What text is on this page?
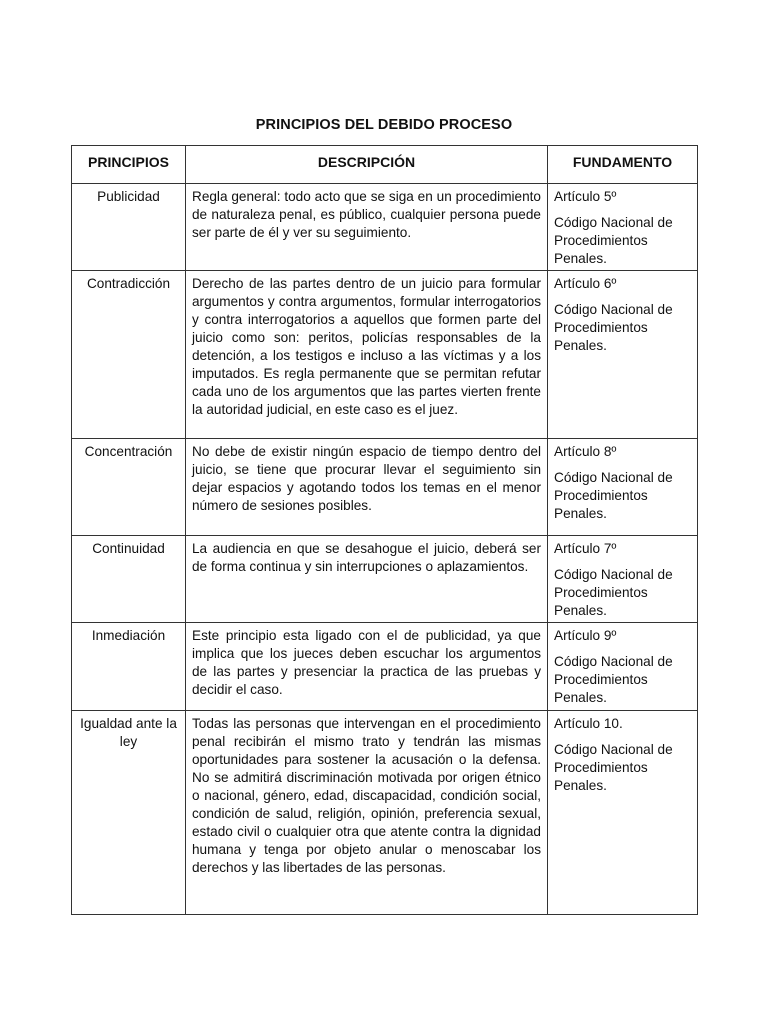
PRINCIPIOS DEL DEBIDO PROCESO
PRINCIPIOS	DESCRIPCIÓN	FUNDAMENTO
Publicidad	Regla general: todo acto que se siga en un procedimiento de naturaleza penal, es público, cualquier persona puede ser parte de él y ver su seguimiento.	Artículo 5º

Código Nacional de Procedimientos Penales.

Contradicción	Derecho de las partes dentro de un juicio para formular argumentos y contra argumentos, formular interrogatorios y contra interrogatorios a aquellos que formen parte del juicio como son: peritos, policías responsables de la detención, a los testigos e incluso a las víctimas y a los imputados. Es regla permanente que se permitan refutar cada uno de los argumentos que las partes vierten frente la autoridad judicial, en este caso es el juez.	Artículo 6º

Código Nacional de Procedimientos Penales.

Concentración	No debe de existir ningún espacio de tiempo dentro del juicio, se tiene que procurar llevar el seguimiento sin dejar espacios y agotando todos los temas en el menor número de sesiones posibles.	Artículo 8º

Código Nacional de Procedimientos Penales.

Continuidad	La audiencia en que se desahogue el juicio, deberá ser de forma continua y sin interrupciones o aplazamientos.	Artículo 7º

Código Nacional de Procedimientos Penales.

Inmediación	Este principio esta ligado con el de publicidad, ya que implica que los jueces deben escuchar los argumentos de las partes y presenciar la practica de las pruebas y decidir el caso.	Artículo 9º

Código Nacional de Procedimientos Penales.

Igualdad ante la ley	Todas las personas que intervengan en el procedimiento penal recibirán el mismo trato y tendrán las mismas oportunidades para sostener la acusación o la defensa. No se admitirá discriminación motivada por origen étnico o nacional, género, edad, discapacidad, condición social, condición de salud, religión, opinión, preferencia sexual, estado civil o cualquier otra que atente contra la dignidad humana y tenga por objeto anular o menoscabar los derechos y las libertades de las personas.	Artículo 10.

Código Nacional de Procedimientos Penales.
